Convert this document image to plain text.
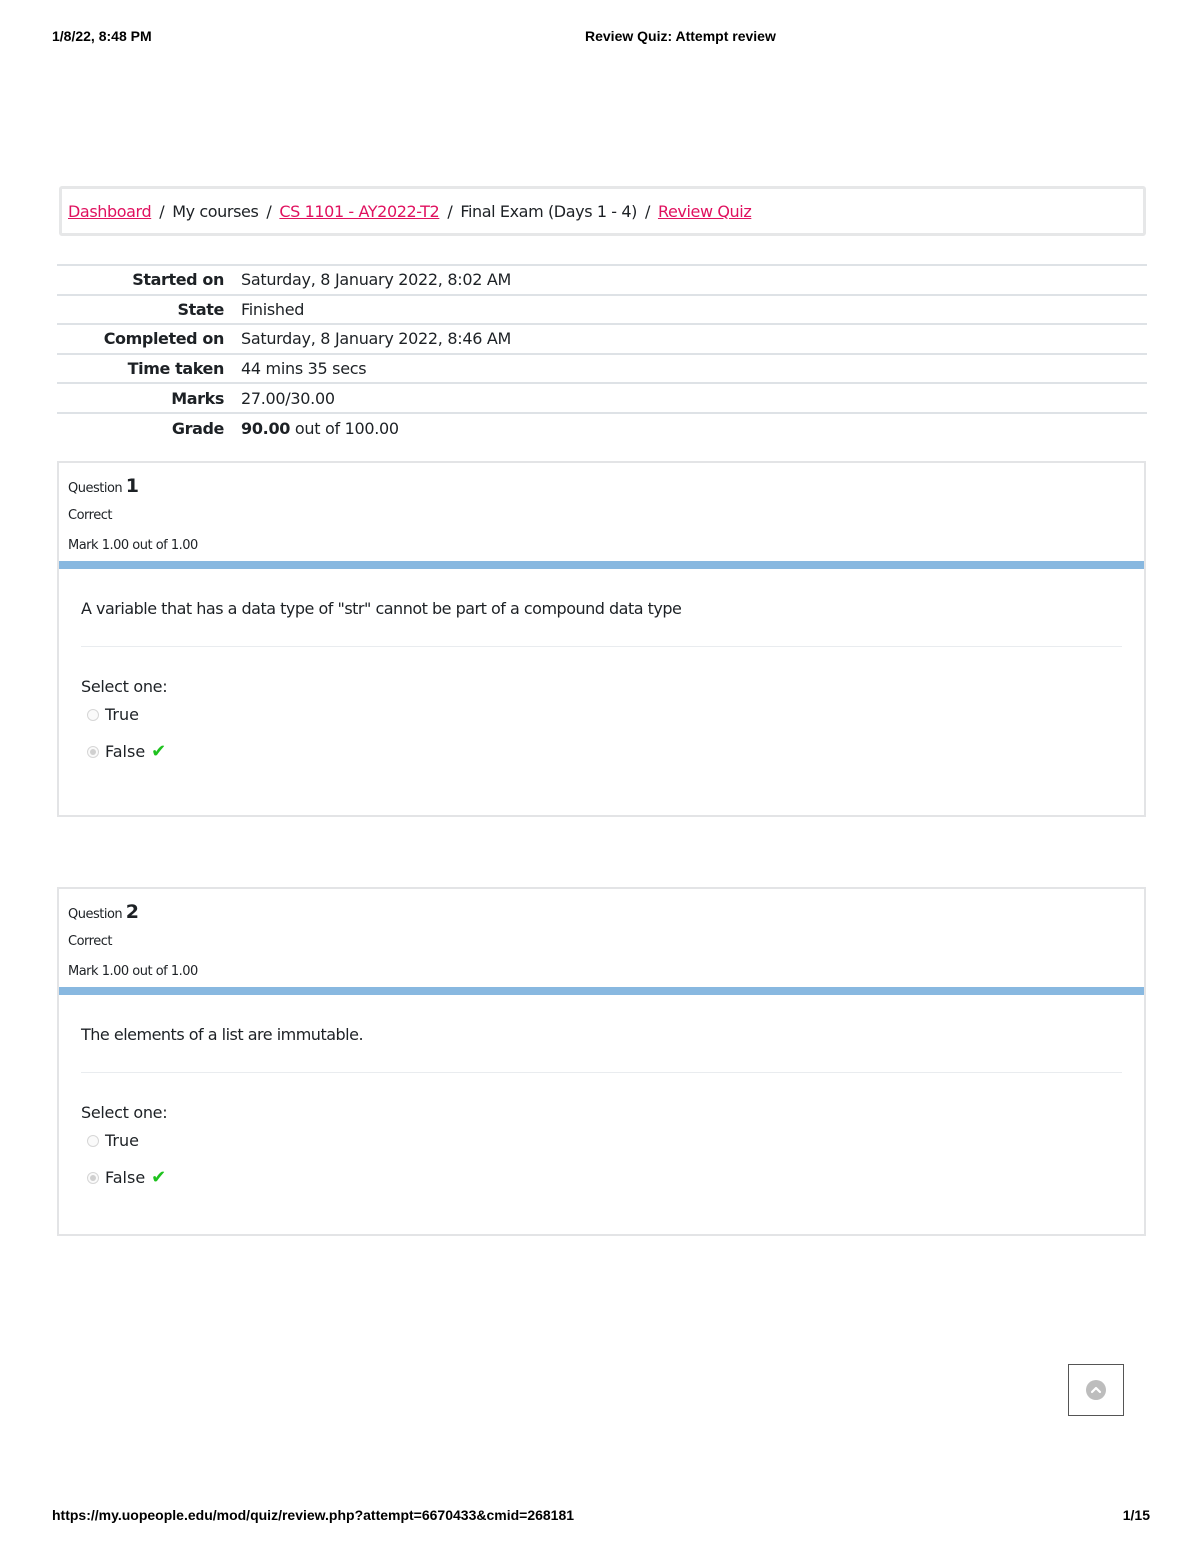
1/8/22, 8:48 PM	Review Quiz: Attempt review
Dashboard / My courses / CS 1101 - AY2022-T2 / Final Exam (Days 1 - 4) / Review Quiz
Started on	Saturday, 8 January 2022, 8:02 AM
State	Finished
Completed on	Saturday, 8 January 2022, 8:46 AM
Time taken	44 mins 35 secs
Marks	27.00/30.00
Grade	90.00 out of 100.00
Question 1
Correct
Mark 1.00 out of 1.00
A variable that has a data type of "str" cannot be part of a compound data type
Select one:
True
False ✔
Question 2
Correct
Mark 1.00 out of 1.00
The elements of a list are immutable.
Select one:
True
False ✔
https://my.uopeople.edu/mod/quiz/review.php?attempt=6670433&cmid=268181	1/15
